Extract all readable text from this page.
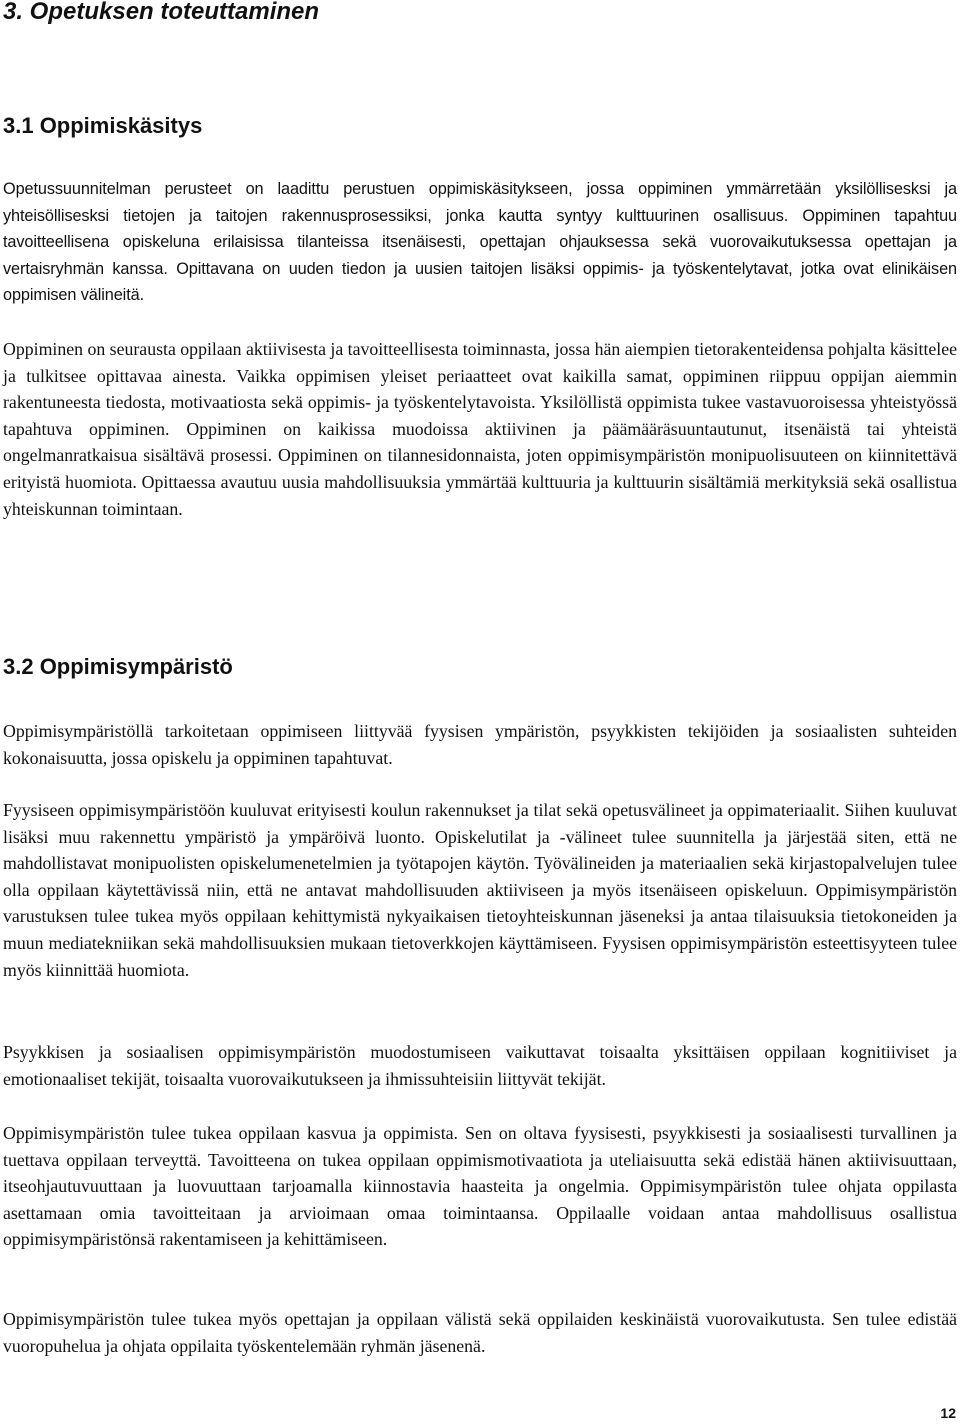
3. Opetuksen toteuttaminen
3.1 Oppimiskäsitys

Opetussuunnitelman perusteet on laadittu perustuen oppimiskäsitykseen, jossa oppiminen ymmärretään yksilöllisesksi ja yhteisöllisesksi tietojen ja taitojen rakennusprosessiksi, jonka kautta syntyy kulttuurinen osallisuus. Oppiminen tapahtuu tavoitteellisena opiskeluna erilaisissa tilanteissa itsenäisesti, opettajan ohjauksessa sekä vuorovaikutuksessa opettajan ja vertaisryhmän kanssa. Opittavana on uuden tiedon ja uusien taitojen lisäksi oppimis- ja työskentelytavat, jotka ovat elinikäisen oppimisen välineitä.

Oppiminen on seurausta oppilaan aktiivisesta ja tavoitteellisesta toiminnasta, jossa hän aiempien tietorakenteidensa pohjalta käsittelee ja tulkitsee opittavaa ainesta. Vaikka oppimisen yleiset periaatteet ovat kaikilla samat, oppiminen riippuu oppijan aiemmin rakentuneesta tiedosta, motivaatiosta sekä oppimis- ja työskentelytavoista. Yksilöllistä oppimista tukee vastavuoroisessa yhteistyössä tapahtuva oppiminen. Oppiminen on kaikissa muodoissa aktiivinen ja päämääräsuuntautunut, itsenäistä tai yhteistä ongelmanratkaisua sisältävä prosessi. Oppiminen on tilannesidonnaista, joten oppimisympäristön monipuolisuuteen on kiinnitettävä erityistä huomiota. Opittaessa avautuu uusia mahdollisuuksia ymmärtää kulttuuria ja kulttuurin sisältämiä merkityksiä sekä osallistua yhteiskunnan toimintaan.

3.2 Oppimisympäristö

Oppimisympäristöllä tarkoitetaan oppimiseen liittyvää fyysisen ympäristön, psyykkisten tekijöiden ja sosiaalisten suhteiden kokonaisuutta, jossa opiskelu ja oppiminen tapahtuvat.

Fyysiseen oppimisympäristöön kuuluvat erityisesti koulun rakennukset ja tilat sekä opetusvälineet ja oppimateriaalit. Siihen kuuluvat lisäksi muu rakennettu ympäristö ja ympäröivä luonto. Opiskelutilat ja -välineet tulee suunnitella ja järjestää siten, että ne mahdollistavat monipuolisten opiskelumenetelmien ja työtapojen käytön. Työvälineiden ja materiaalien sekä kirjastopalvelujen tulee olla oppilaan käytettävissä niin, että ne antavat mahdollisuuden aktiiviseen ja myös itsenäiseen opiskeluun. Oppimisympäristön varustuksen tulee tukea myös oppilaan kehittymistä nykyaikaisen tietoyhteiskunnan jäseneksi ja antaa tilaisuuksia tietokoneiden ja muun mediatekniikan sekä mahdollisuuksien mukaan tietoverkkojen käyttämiseen. Fyysisen oppimisympäristön esteettisyyteen tulee myös kiinnittää huomiota.

Psyykkisen ja sosiaalisen oppimisympäristön muodostumiseen vaikuttavat toisaalta yksittäisen oppilaan kognitiiviset ja emotionaaliset tekijät, toisaalta vuorovaikutukseen ja ihmissuhteisiin liittyvät tekijät.

Oppimisympäristön tulee tukea oppilaan kasvua ja oppimista. Sen on oltava fyysisesti, psyykkisesti ja sosiaalisesti turvallinen ja tuettava oppilaan terveyttä. Tavoitteena on tukea oppilaan oppimismotivaatiota ja uteliaisuutta sekä edistää hänen aktiivisuuttaan, itseohjautuvuuttaan ja luovuuttaan tarjoamalla kiinnostavia haasteita ja ongelmia. Oppimisympäristön tulee ohjata oppilasta asettamaan omia tavoitteitaan ja arvioimaan omaa toimintaansa. Oppilaalle voidaan antaa mahdollisuus osallistua oppimisympäristönsä rakentamiseen ja kehittämiseen.

Oppimisympäristön tulee tukea myös opettajan ja oppilaan välistä sekä oppilaiden keskinäistä vuorovaikutusta. Sen tulee edistää vuoropuhelua ja ohjata oppilaita työskentelemään ryhmän jäsenenä.

12
